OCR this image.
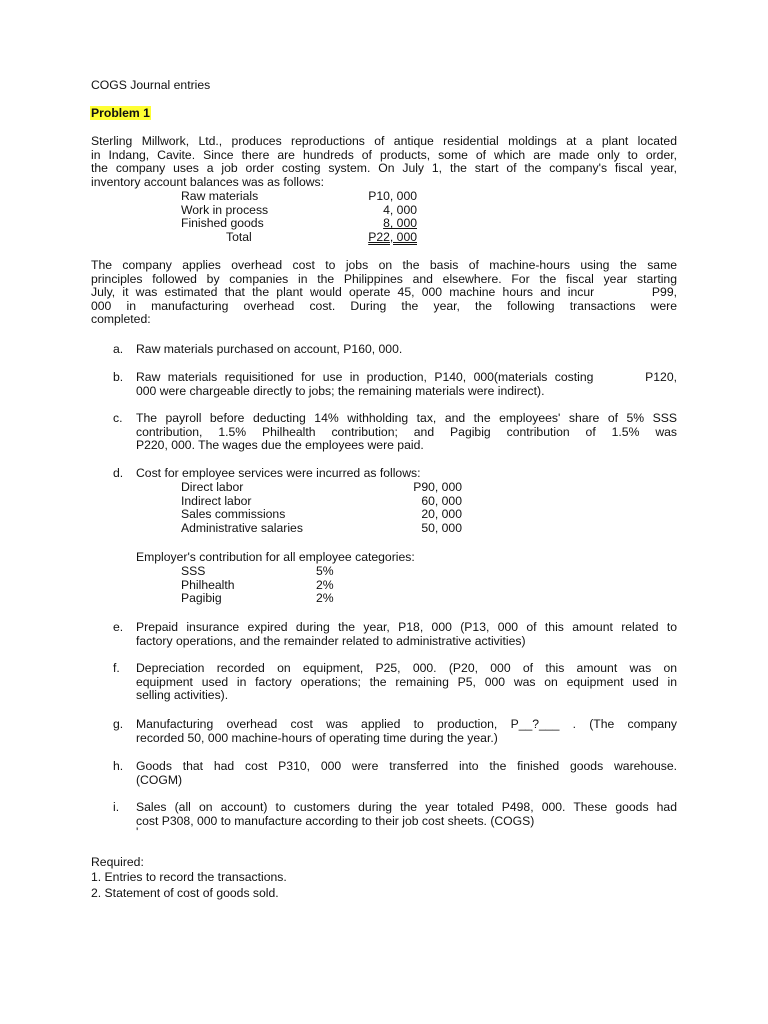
COGS Journal entries
Problem 1
Sterling Millwork, Ltd., produces reproductions of antique residential moldings at a plant located
in Indang, Cavite. Since there are hundreds of products, some of which are made only to order,
the company uses a job order costing system. On July 1, the start of the company's fiscal year,
inventory account balances was as follows:
Raw materials	P10, 000
Work in process	4, 000
Finished goods	8, 000
Total	P22, 000
The company applies overhead cost to jobs on the basis of machine-hours using the same
principles followed by companies in the Philippines and elsewhere. For the fiscal year starting
July, it was estimated that the plant would operate 45, 000 machine hours and incur        P99,
000 in manufacturing overhead cost. During the year, the following transactions were
completed:
a. Raw materials purchased on account, P160, 000.
b. Raw materials requisitioned for use in production, P140, 000(materials costing       P120,
000 were chargeable directly to jobs; the remaining materials were indirect).
c. The payroll before deducting 14% withholding tax, and the employees' share of 5% SSS
contribution, 1.5% Philhealth contribution; and Pagibig contribution of 1.5% was
P220, 000. The wages due the employees were paid.
d. Cost for employee services were incurred as follows:
Direct labor	P90, 000
Indirect labor	60, 000
Sales commissions	20, 000
Administrative salaries	50, 000
Employer's contribution for all employee categories:
SSS	5%
Philhealth	2%
Pagibig	2%
e. Prepaid insurance expired during the year, P18, 000 (P13, 000 of this amount related to
factory operations, and the remainder related to administrative activities)
f. Depreciation recorded on equipment, P25, 000. (P20, 000 of this amount was on
equipment used in factory operations; the remaining P5, 000 was on equipment used in
selling activities).
g. Manufacturing overhead cost was applied to production, P__?___ . (The company
recorded 50, 000 machine-hours of operating time during the year.)
h. Goods that had cost P310, 000 were transferred into the finished goods warehouse.
(COGM)
i. Sales (all on account) to customers during the year totaled P498, 000. These goods had
cost P308, 000 to manufacture according to their job cost sheets. (COGS)
'
Required:
1. Entries to record the transactions.
2. Statement of cost of goods sold.
